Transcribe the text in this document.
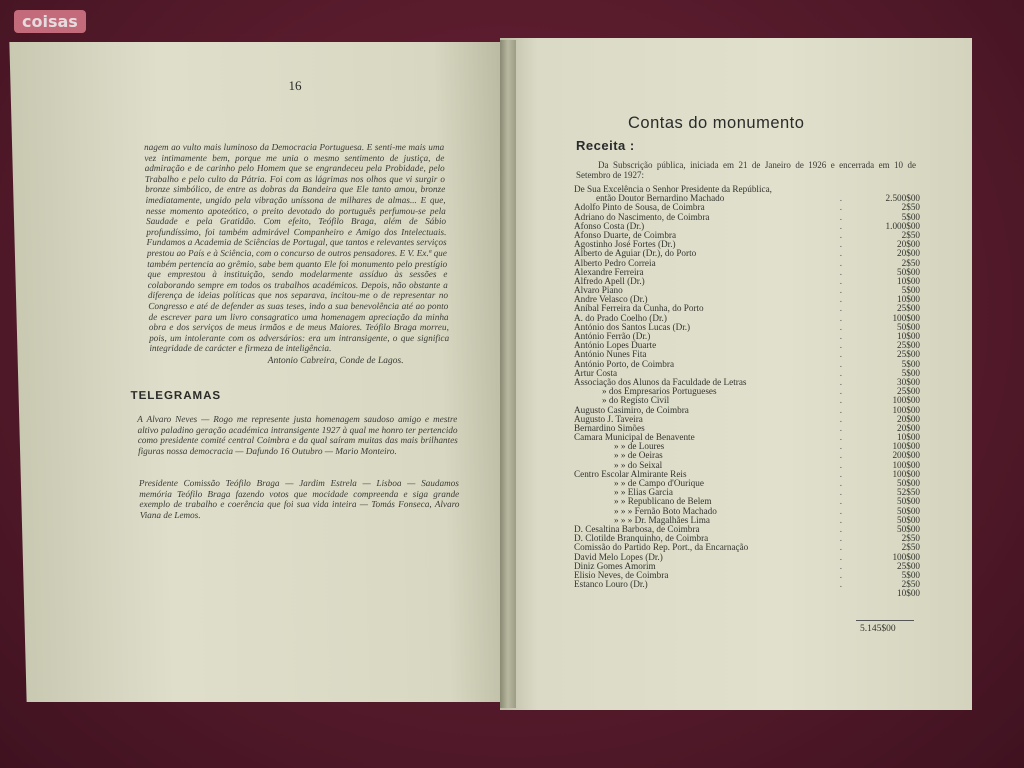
coisas
16
nagem ao vulto mais luminoso da Democracia Portuguesa. E senti-me mais uma vez intimamente bem, porque me unia o mesmo sentimento de justiça, de admiração e de carinho pelo Homem que se engrandeceu pela Probidade, pelo Trabalho e pelo culto da Pátria. Foi com as lágrimas nos olhos que vi surgir o bronze simbólico, de entre as dobras da Bandeira que Ele tanto amou, bronze imediatamente, ungido pela vibração uníssona de milhares de almas... E que, nesse momento apoteótico, o preito devotado do português perfumou-se pela Saudade e pela Gratidão. Com efeito, Teófilo Braga, além de Sábio profundíssimo, foi também admirável Companheiro e Amigo dos Intelectuais. Fundamos a Academia de Sciências de Portugal, que tantos e relevantes serviços prestou ao País e à Sciência, com o concurso de outros pensadores. E V. Ex.ª que também pertencia ao grêmio, sabe bem quanto Ele foi monumento pelo prestígio que emprestou à instituição, sendo modelarmente assíduo às sessões e colaborando sempre em todos os trabalhos académicos. Depois, não obstante a diferença de ideias políticas que nos separava, incitou-me o de representar no Congresso e até de defender as suas teses, indo a sua benevolência até ao ponto de escrever para um livro consagratico uma homenagem apreciação da minha obra e dos serviços de meus irmãos e de meus Maiores. Teófilo Braga morreu, pois, um intolerante com os adversários: era um intransigente, o que significa integridade de carácter e firmeza de inteligência.
Antonio Cabreira, Conde de Lagos.
TELEGRAMAS
A Alvaro Neves — Rogo me represente justa homenagem saudoso amigo e mestre altivo paladino geração académica intransigente 1927 à qual me honro ter pertencido como presidente comité central Coimbra e da qual saíram muitas das mais brilhantes figuras nossa democracia — Dafundo 16 Outubro — Mario Monteiro.
Presidente Comissão Teófilo Braga — Jardim Estrela — Lisboa — Saudamos memória Teófilo Braga fazendo votos que mocidade compreenda e siga grande exemplo de trabalho e coerência que foi sua vida inteira — Tomás Fonseca, Alvaro Viana de Lemos.
Contas do monumento
Receita :
Da Subscrição pública, iniciada em 21 de Janeiro de 1926 e encerrada em 10 de Setembro de 1927:
De Sua Excelência o Senhor Presidente da República,
então Doutor Bernardino Machado	.	2.500$00
Adolfo Pinto de Sousa, de Coimbra	.	2$50
Adriano do Nascimento, de Coimbra	.	5$00
Afonso Costa (Dr.)	.	1.000$00
Afonso Duarte, de Coimbra	.	2$50
Agostinho José Fortes (Dr.)	.	20$00
Alberto de Aguiar (Dr.), do Porto	.	20$00
Alberto Pedro Correia	.	2$50
Alexandre Ferreira	.	50$00
Alfredo Apell (Dr.)	.	10$00
Alvaro Piano	.	5$00
Andre Velasco (Dr.)	.	10$00
Aníbal Ferreira da Cunha, do Porto	.	25$00
A. do Prado Coelho (Dr.)	.	100$00
António dos Santos Lucas (Dr.)	.	50$00
António Ferrão (Dr.)	.	10$00
António Lopes Duarte	.	25$00
António Nunes Fita	.	25$00
António Porto, de Coimbra	.	5$00
Artur Costa	.	5$00
Associação dos Alunos da Faculdade de Letras	.	30$00
» dos Empresarios Portugueses	.	25$00
» do Registo Civil	.	100$00
Augusto Casimiro, de Coimbra	.	100$00
Augusto J. Taveira	.	20$00
Bernardino Simões	.	20$00
Camara Municipal de Benavente	.	10$00
» » de Loures	.	100$00
» » de Oeiras	.	200$00
» » do Seixal	.	100$00
Centro Escolar Almirante Reis	.	100$00
» » de Campo d'Ourique	.	50$00
» » Elias Garcia	.	52$50
» » Republicano de Belem	.	50$00
» » » Fernão Boto Machado	.	50$00
» » » Dr. Magalhães Lima	.	50$00
D. Cesaltina Barbosa, de Coimbra	.	50$00
D. Clotilde Branquinho, de Coimbra	.	2$50
Comissão do Partido Rep. Port., da Encarnação	.	2$50
David Melo Lopes (Dr.)	.	100$00
Diniz Gomes Amorim	.	25$00
Elisio Neves, de Coimbra	.	5$00
Estanco Louro (Dr.)	.	2$50
10$00
5.145$00
